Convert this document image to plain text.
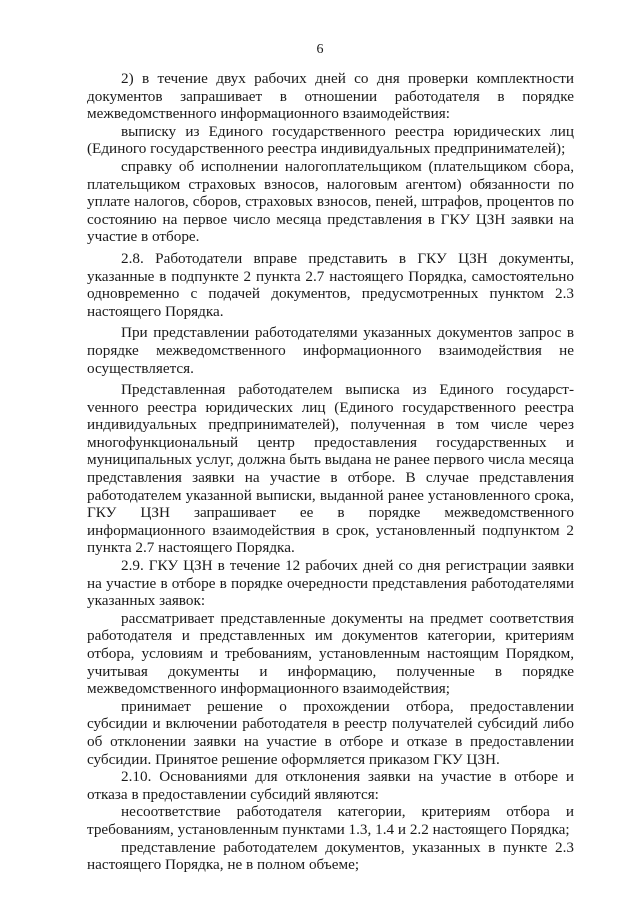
6

2) в течение двух рабочих дней со дня проверки комплектности документов запрашивает в отношении работодателя в порядке межведомственного информационного взаимодействия:

выписку из Единого государственного реестра юридических лиц (Единого государственного реестра индивидуальных предпринимателей);

справку об исполнении налогоплательщиком (плательщиком сбора, плательщиком страховых взносов, налоговым агентом) обязанности по уплате налогов, сборов, страховых взносов, пеней, штрафов, процентов по состоянию на первое число месяца представления в ГКУ ЦЗН заявки на участие в отборе.

2.8. Работодатели вправе представить в ГКУ ЦЗН документы, указанные в подпункте 2 пункта 2.7 настоящего Порядка, самостоятельно одновременно с подачей документов, предусмотренных пунктом 2.3 настоящего Порядка.

При представлении работодателями указанных документов запрос в порядке межведомственного информационного взаимодействия не осуществляется.

Представленная работодателем выписка из Единого государстvенного реестра юридических лиц (Единого государственного реестра индивидуальных предпринимателей), полученная в том числе через многофункциональный центр предоставления государственных и муниципальных услуг, должна быть выдана не ранее первого числа месяца представления заявки на участие в отборе. В случае представления работодателем указанной выписки, выданной ранее установленного срока, ГКУ ЦЗН запрашивает ее в порядке межведомственного информационного взаимодействия в срок, установленный подпунктом 2 пункта 2.7 настоящего Порядка.

2.9. ГКУ ЦЗН в течение 12 рабочих дней со дня регистрации заявки на участие в отборе в порядке очередности представления работодателями указанных заявок:

рассматривает представленные документы на предмет соответствия работодателя и представленных им документов категории, критериям отбора, условиям и требованиям, установленным настоящим Порядком, учитывая документы и информацию, полученные в порядке межведомственного информационного взаимодействия;

принимает решение о прохождении отбора, предоставлении субсидии и включении работодателя в реестр получателей субсидий либо об отклонении заявки на участие в отборе и отказе в предоставлении субсидии. Принятое решение оформляется приказом ГКУ ЦЗН.

2.10. Основаниями для отклонения заявки на участие в отборе и отказа в предоставлении субсидий являются:

несоответствие работодателя категории, критериям отбора и требованиям, установленным пунктами 1.3, 1.4 и 2.2 настоящего Порядка;

представление работодателем документов, указанных в пункте 2.3 настоящего Порядка, не в полном объеме;
